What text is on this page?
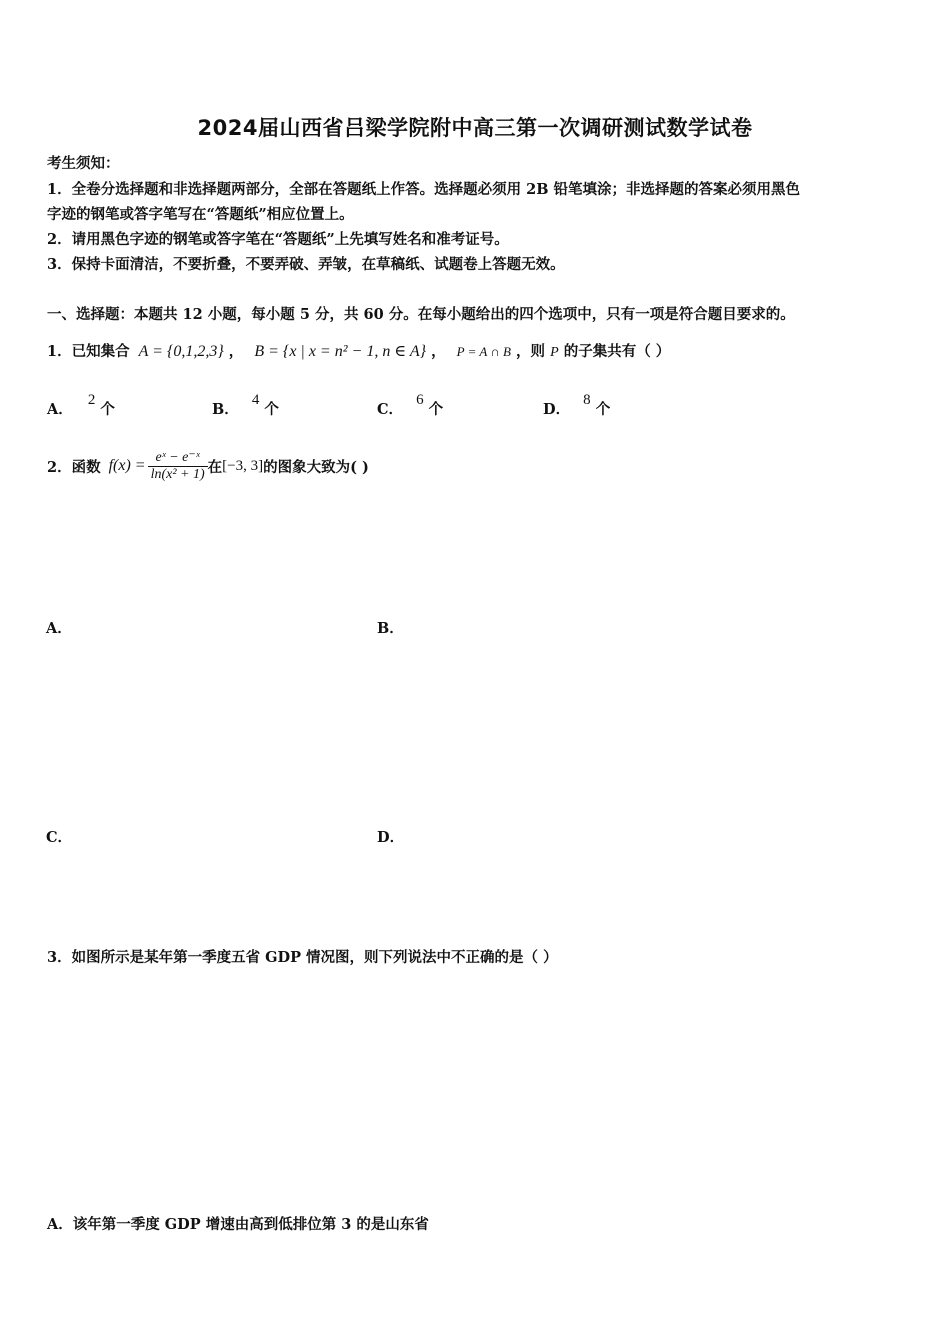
2024届山西省吕梁学院附中高三第一次调研测试数学试卷
考生须知：
1．全卷分选择题和非选择题两部分，全部在答题纸上作答。选择题必须用 2B 铅笔填涂；非选择题的答案必须用黑色
字迹的钢笔或答字笔写在“答题纸”相应位置上。
2．请用黑色字迹的钢笔或答字笔在“答题纸”上先填写姓名和准考证号。
3．保持卡面清洁，不要折叠，不要弄破、弄皱，在草稿纸、试题卷上答题无效。
一、选择题：本题共 12 小题，每小题 5 分，共 60 分。在每小题给出的四个选项中，只有一项是符合题目要求的。
1．已知集合 A = {0,1,2,3} ， B = {x | x = n² − 1, n ∈ A} ， P = A ∩ B ，则 P 的子集共有（ ）
A． 2 个	B． 4 个	C． 6 个	D． 8 个
2．函数 $f(x) = \frac{\text{eˣ − e⁻ˣ}}{\text{ln(x² + 1)}}$ 在 [−3, 3] 的图象大致为( )
A．	B．
C．	D．
3．如图所示是某年第一季度五省 GDP 情况图，则下列说法中不正确的是（ ）
A．该年第一季度 GDP 增速由高到低排位第 3 的是山东省
